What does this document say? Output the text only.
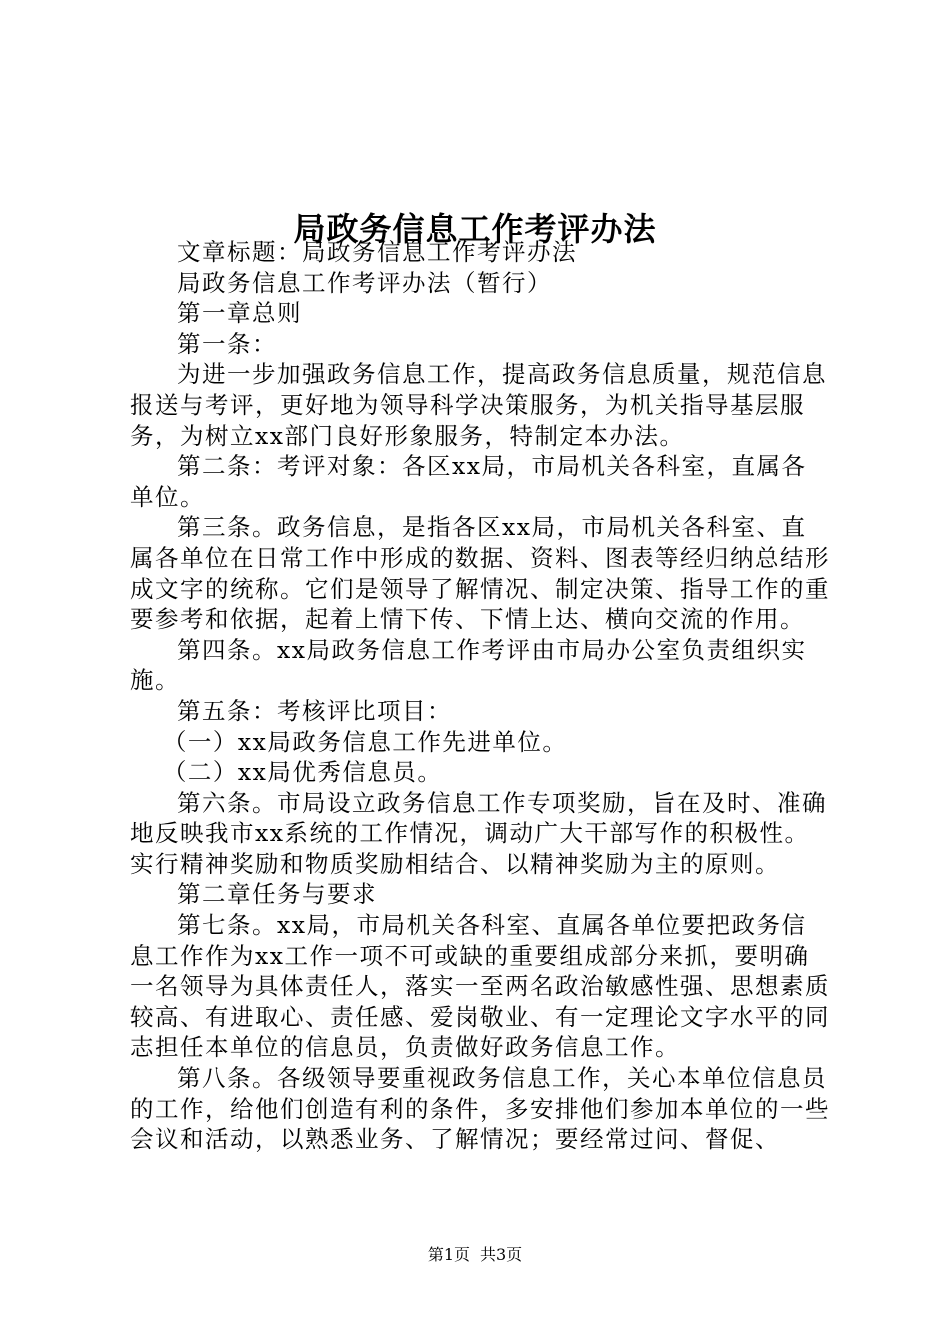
局政务信息工作考评办法

文章标题：局政务信息工作考评办法

局政务信息工作考评办法（暂行）

第一章总则

第一条：

为进一步加强政务信息工作，提高政务信息质量，规范信息报送与考评，更好地为领导科学决策服务，为机关指导基层服务，为树立xx部门良好形象服务，特制定本办法。

第二条：考评对象：各区xx局，市局机关各科室，直属各单位。

第三条。政务信息，是指各区xx局，市局机关各科室、直属各单位在日常工作中形成的数据、资料、图表等经归纳总结形成文字的统称。它们是领导了解情况、制定决策、指导工作的重要参考和依据，起着上情下传、下情上达、横向交流的作用。

第四条。xx局政务信息工作考评由市局办公室负责组织实施。

第五条：考核评比项目：

（一）xx局政务信息工作先进单位。

（二）xx局优秀信息员。

第六条。市局设立政务信息工作专项奖励，旨在及时、准确地反映我市xx系统的工作情况，调动广大干部写作的积极性。实行精神奖励和物质奖励相结合、以精神奖励为主的原则。

第二章任务与要求

第七条。xx局，市局机关各科室、直属各单位要把政务信息工作作为xx工作一项不可或缺的重要组成部分来抓，要明确一名领导为具体责任人，落实一至两名政治敏感性强、思想素质较高、有进取心、责任感、爱岗敬业、有一定理论文字水平的同志担任本单位的信息员，负责做好政务信息工作。

第八条。各级领导要重视政务信息工作，关心本单位信息员的工作，给他们创造有利的条件，多安排他们参加本单位的一些会议和活动，以熟悉业务、了解情况；要经常过问、督促、

第1页 共3页
